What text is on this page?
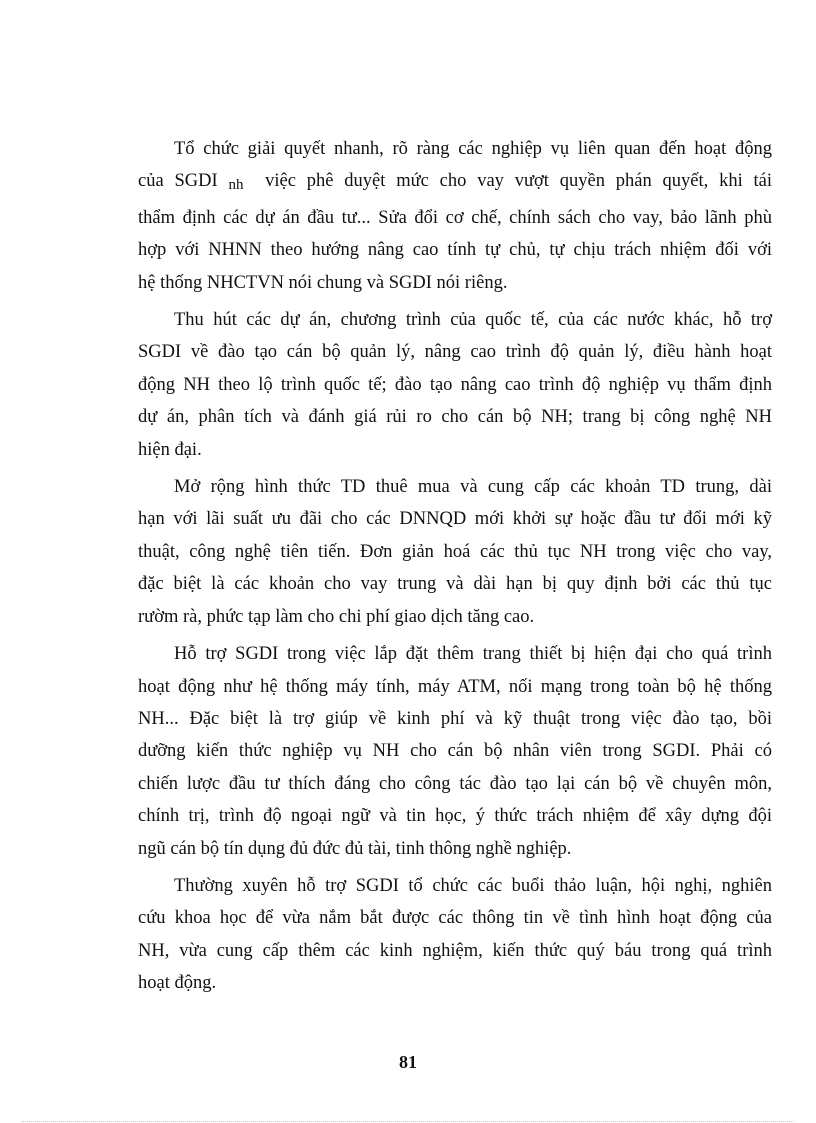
Tổ chức giải quyết nhanh, rõ ràng các nghiệp vụ liên quan đến hoạt động
của SGDI $_{nh}$ việc phê duyệt mức cho vay vượt quyền phán quyết, khi tái
thẩm định các dự án đầu tư... Sửa đổi cơ chế, chính sách cho vay, bảo lãnh phù
hợp với NHNN theo hướng nâng cao tính tự chủ, tự chịu trách nhiệm đối với
hệ thống NHCTVN nói chung và SGDI nói riêng.

Thu hút các dự án, chương trình của quốc tế, của các nước khác, hỗ trợ
SGDI về đào tạo cán bộ quản lý, nâng cao trình độ quản lý, điều hành hoạt
động NH theo lộ trình quốc tế; đào tạo nâng cao trình độ nghiệp vụ thẩm định
dự án, phân tích và đánh giá rủi ro cho cán bộ NH; trang bị công nghệ NH
hiện đại.

Mở rộng hình thức TD thuê mua và cung cấp các khoản TD trung, dài
hạn với lãi suất ưu đãi cho các DNNQD mới khởi sự hoặc đầu tư đổi mới kỹ
thuật, công nghệ tiên tiến. Đơn giản hoá các thủ tục NH trong việc cho vay,
đặc biệt là các khoản cho vay trung và dài hạn bị quy định bởi các thủ tục
rườm rà, phức tạp làm cho chi phí giao dịch tăng cao.

Hỗ trợ SGDI trong việc lắp đặt thêm trang thiết bị hiện đại cho quá trình
hoạt động như hệ thống máy tính, máy ATM, nối mạng trong toàn bộ hệ thống
NH... Đặc biệt là trợ giúp về kinh phí và kỹ thuật trong việc đào tạo, bồi
dưỡng kiến thức nghiệp vụ NH cho cán bộ nhân viên trong SGDI. Phải có
chiến lược đầu tư thích đáng cho công tác đào tạo lại cán bộ về chuyên môn,
chính trị, trình độ ngoại ngữ và tin học, ý thức trách nhiệm để xây dựng đội
ngũ cán bộ tín dụng đủ đức đủ tài, tinh thông nghề nghiệp.

Thường xuyên hỗ trợ SGDI tổ chức các buổi thảo luận, hội nghị, nghiên
cứu khoa học để vừa nắm bắt được các thông tin về tình hình hoạt động của
NH, vừa cung cấp thêm các kinh nghiệm, kiến thức quý báu trong quá trình
hoạt động.

81
